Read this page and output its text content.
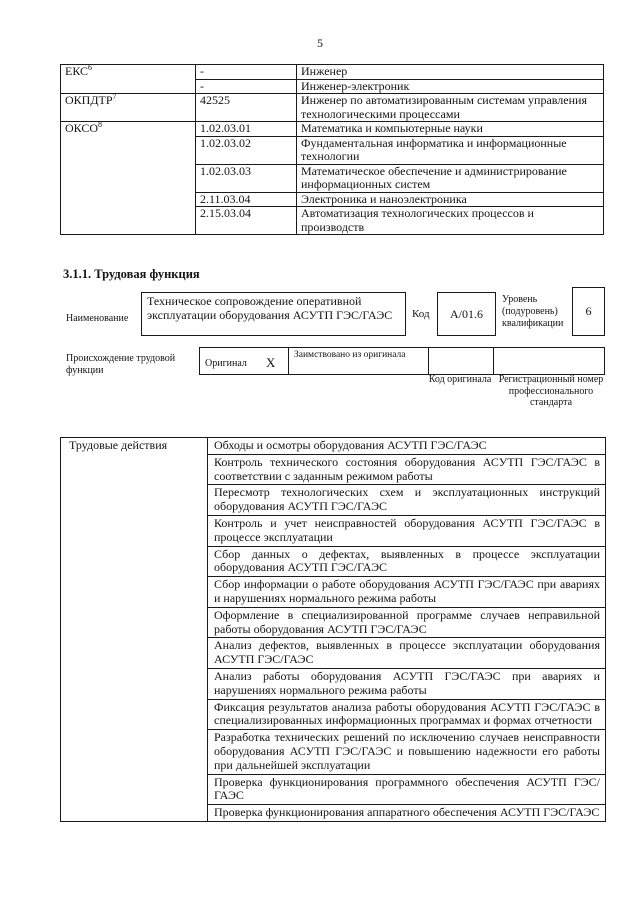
5
ЕКС$^6$	-	Инженер
	-	Инженер-электроник
ОКПДТР$^7$	42525	Инженер по автоматизированным системам управления технологическими процессами
ОКСО$^8$	1.02.03.01	Математика и компьютерные науки
	1.02.03.02	Фундаментальная информатика и информационные технологии
	1.02.03.03	Математическое обеспечение и администрирование информационных систем
	2.11.03.04	Электроника и наноэлектроника
	2.15.03.04	Автоматизация технологических процессов и производств
3.1.1. Трудовая функция
Наименование
Техническое сопровождение оперативной эксплуатации оборудования АСУТП ГЭС/ГАЭС	Код	А/01.6
Уровень (подуровень) квалификации
6
Происхождение трудовой функции
Оригинал X Заимствовано из оригинала
Код оригинала Регистрационный номер профессионального стандарта
Трудовые действия	Обходы и осмотры оборудования АСУТП ГЭС/ГАЭС
Контроль технического состояния оборудования АСУТП ГЭС/ГАЭС в соответствии с заданным режимом работы
Пересмотр технологических схем и эксплуатационных инструкций оборудования АСУТП ГЭС/ГАЭС
Контроль и учет неисправностей оборудования АСУТП ГЭС/ГАЭС в процессе эксплуатации
Сбор данных о дефектах, выявленных в процессе эксплуатации оборудования АСУТП ГЭС/ГАЭС
Сбор информации о работе оборудования АСУТП ГЭС/ГАЭС при авариях и нарушениях нормального режима работы
Оформление в специализированной программе случаев неправильной работы оборудования АСУТП ГЭС/ГАЭС
Анализ дефектов, выявленных в процессе эксплуатации оборудования АСУТП ГЭС/ГАЭС
Анализ работы оборудования АСУТП ГЭС/ГАЭС при авариях и нарушениях нормального режима работы
Фиксация результатов анализа работы оборудования АСУТП ГЭС/ГАЭС в специализированных информационных программах и формах отчетности
Разработка технических решений по исключению случаев неисправности оборудования АСУТП ГЭС/ГАЭС и повышению надежности его работы при дальнейшей эксплуатации
Проверка функционирования программного обеспечения АСУТП ГЭС/ГАЭС
Проверка функционирования аппаратного обеспечения АСУТП ГЭС/ГАЭС
